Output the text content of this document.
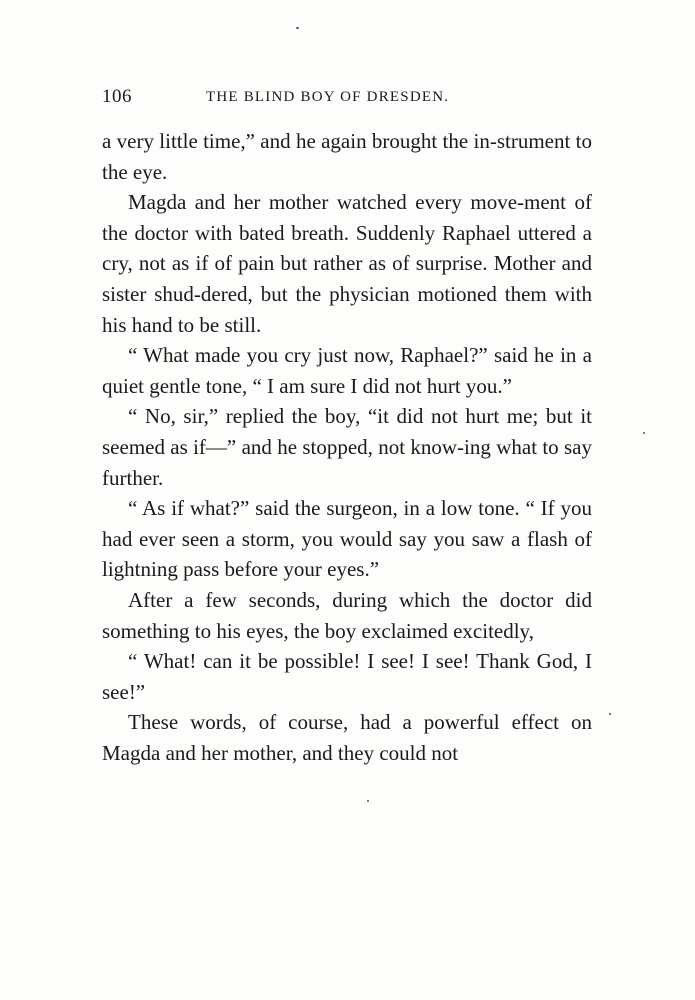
106	THE BLIND BOY OF DRESDEN.

a very little time,” and he again brought the in-strument to the eye.

Magda and her mother watched every move-ment of the doctor with bated breath. Suddenly Raphael uttered a cry, not as if of pain but rather as of surprise. Mother and sister shud-dered, but the physician motioned them with his hand to be still.

“ What made you cry just now, Raphael?” said he in a quiet gentle tone, “ I am sure I did not hurt you.”

“ No, sir,” replied the boy, “it did not hurt me; but it seemed as if—” and he stopped, not know-ing what to say further.

“ As if what?” said the surgeon, in a low tone. “ If you had ever seen a storm, you would say you saw a flash of lightning pass before your eyes.”

After a few seconds, during which the doctor did something to his eyes, the boy exclaimed excitedly,

“ What! can it be possible! I see! I see! Thank God, I see!”

These words, of course, had a powerful effect on Magda and her mother, and they could not
